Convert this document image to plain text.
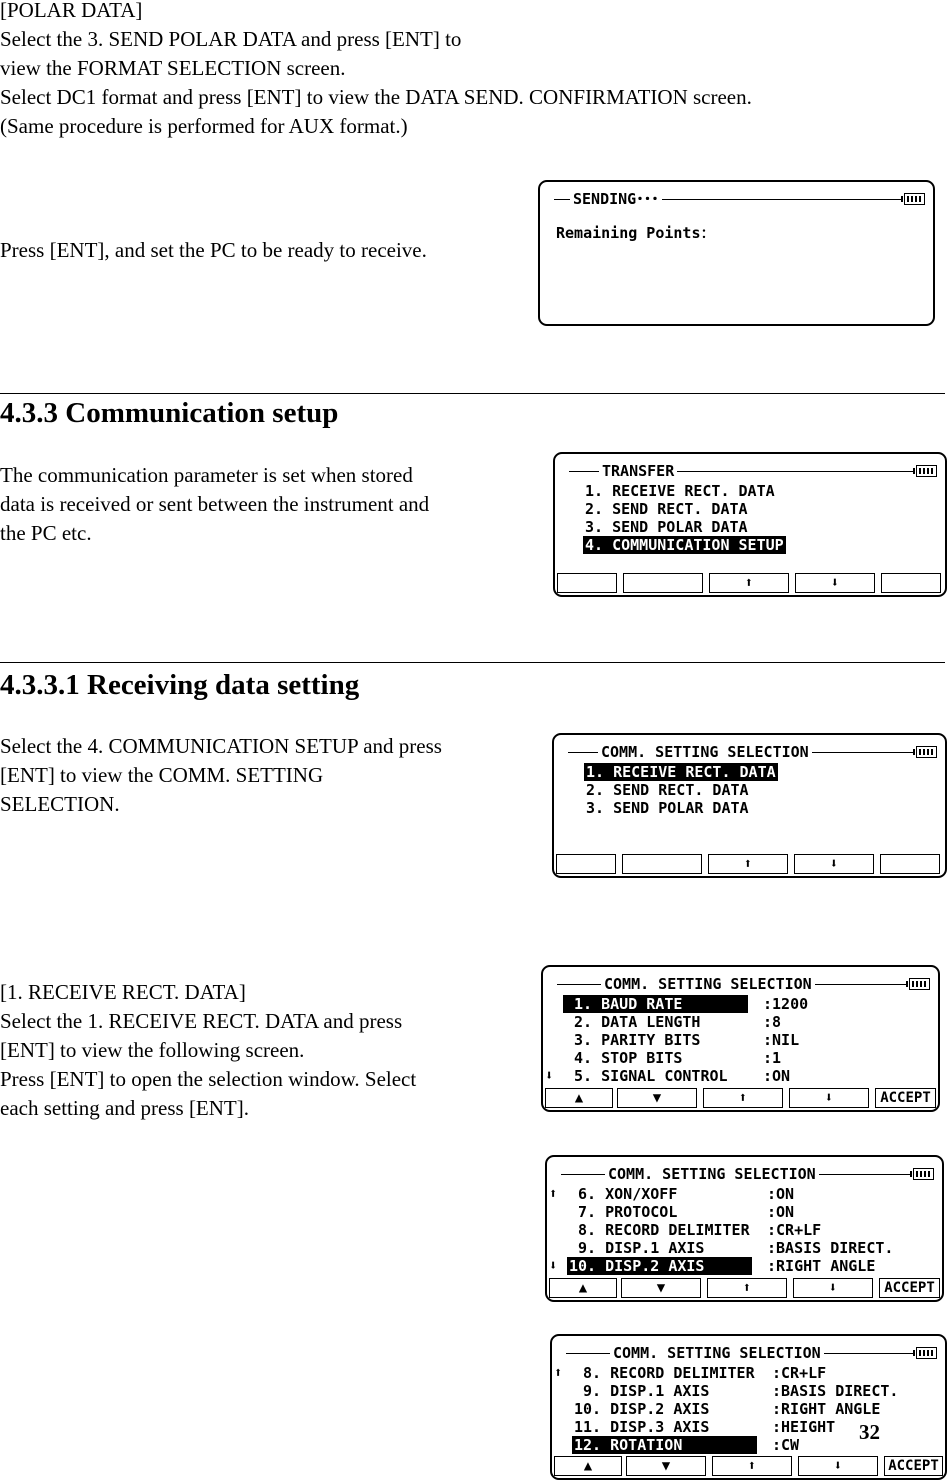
[POLAR DATA]
Select the 3. SEND POLAR DATA and press [ENT] to
view the FORMAT SELECTION screen.
Select DC1 format and press [ENT] to view the DATA SEND. CONFIRMATION screen.
(Same procedure is performed for AUX format.)
Press [ENT], and set the PC to be ready to receive.
SENDING･･･
Remaining Points：
4.3.3 Communication setup
The communication parameter is set when stored
data is received or sent between the instrument and
the PC etc.
TRANSFER
1. RECEIVE RECT. DATA
2. SEND RECT. DATA
3. SEND POLAR DATA
4. COMMUNICATION SETUP
⬆	⬇
4.3.3.1 Receiving data setting
Select the 4. COMMUNICATION SETUP and press
[ENT] to view the COMM. SETTING
SELECTION.
COMM. SETTING SELECTION
1. RECEIVE RECT. DATA
2. SEND RECT. DATA
3. SEND POLAR DATA
⬆	⬇
[1. RECEIVE RECT. DATA]
Select the 1. RECEIVE RECT. DATA and press
[ENT] to view the following screen.
Press [ENT] to open the selection window. Select
each setting and press [ENT].
COMM. SETTING SELECTION
1. BAUD RATE :1200
2. DATA LENGTH :8
3. PARITY BITS :NIL
4. STOP BITS :1
5. SIGNAL CONTROL :ON
⬇
▲	▼	⬆	⬇	ACCEPT
COMM. SETTING SELECTION
⬆ 6. XON/XOFF :ON
7. PROTOCOL :ON
8. RECORD DELIMITER :CR+LF
9. DISP.1 AXIS :BASIS DIRECT.
10. DISP.2 AXIS :RIGHT ANGLE
⬇
▲	▼	⬆	⬇	ACCEPT
COMM. SETTING SELECTION
⬆ 8. RECORD DELIMITER :CR+LF
9. DISP.1 AXIS :BASIS DIRECT.
10. DISP.2 AXIS :RIGHT ANGLE
11. DISP.3 AXIS :HEIGHT
12. ROTATION :CW
▲	▼	⬆	⬇	ACCEPT
32
